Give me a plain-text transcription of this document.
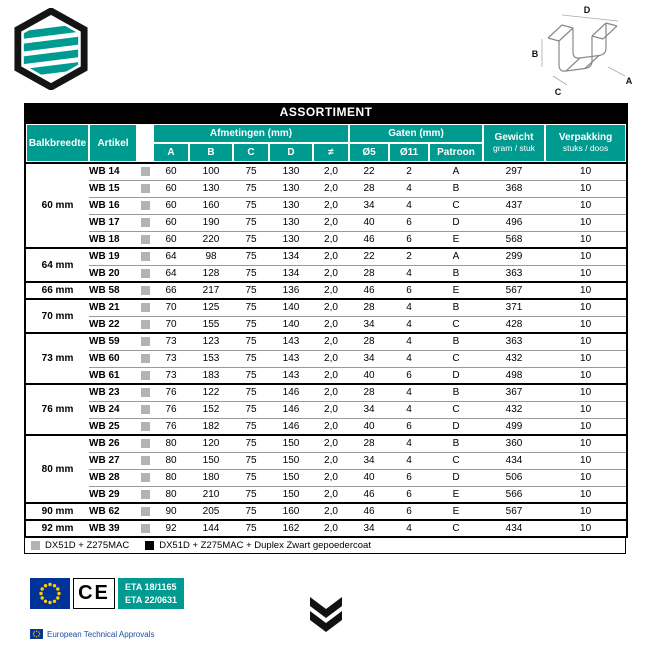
D
B
C
A
ASSORTIMENT												

Balkbreedte	Artikel		Afmetingen (mm)					Gaten (mm)			Gewicht
gram / stuk	Verpakking
stuks / doos

A	B	C	D	≠	Ø5	Ø11	Patroon		

60 mm	WB 14		60	100	75	130	2,0	22	2	A	297	10
	WB 15		60	130	75	130	2,0	28	4	B	368	10
	WB 16		60	160	75	130	2,0	34	4	C	437	10
	WB 17		60	190	75	130	2,0	40	6	D	496	10
	WB 18		60	220	75	130	2,0	46	6	E	568	10
64 mm	WB 19		64	98	75	134	2,0	22	2	A	299	10
	WB 20		64	128	75	134	2,0	28	4	B	363	10
66 mm	WB 58		66	217	75	136	2,0	46	6	E	567	10
70 mm	WB 21		70	125	75	140	2,0	28	4	B	371	10
	WB 22		70	155	75	140	2,0	34	4	C	428	10
73 mm	WB 59		73	123	75	143	2,0	28	4	B	363	10
	WB 60		73	153	75	143	2,0	34	4	C	432	10
	WB 61		73	183	75	143	2,0	40	6	D	498	10
76 mm	WB 23		76	122	75	146	2,0	28	4	B	367	10
	WB 24		76	152	75	146	2,0	34	4	C	432	10
	WB 25		76	182	75	146	2,0	40	6	D	499	10
80 mm	WB 26		80	120	75	150	2,0	28	4	B	360	10
	WB 27		80	150	75	150	2,0	34	4	C	434	10
	WB 28		80	180	75	150	2,0	40	6	D	506	10
	WB 29		80	210	75	150	2,0	46	6	E	566	10
90 mm	WB 62		90	205	75	160	2,0	46	6	E	567	10
92 mm	WB 39		92	144	75	162	2,0	34	4	C	434	10
DX51D + Z275MAC	DX51D + Z275MAC + Duplex Zwart gepoedercoat
CE ETA 18/1165
ETA 22/0631
European Technical Approvals
